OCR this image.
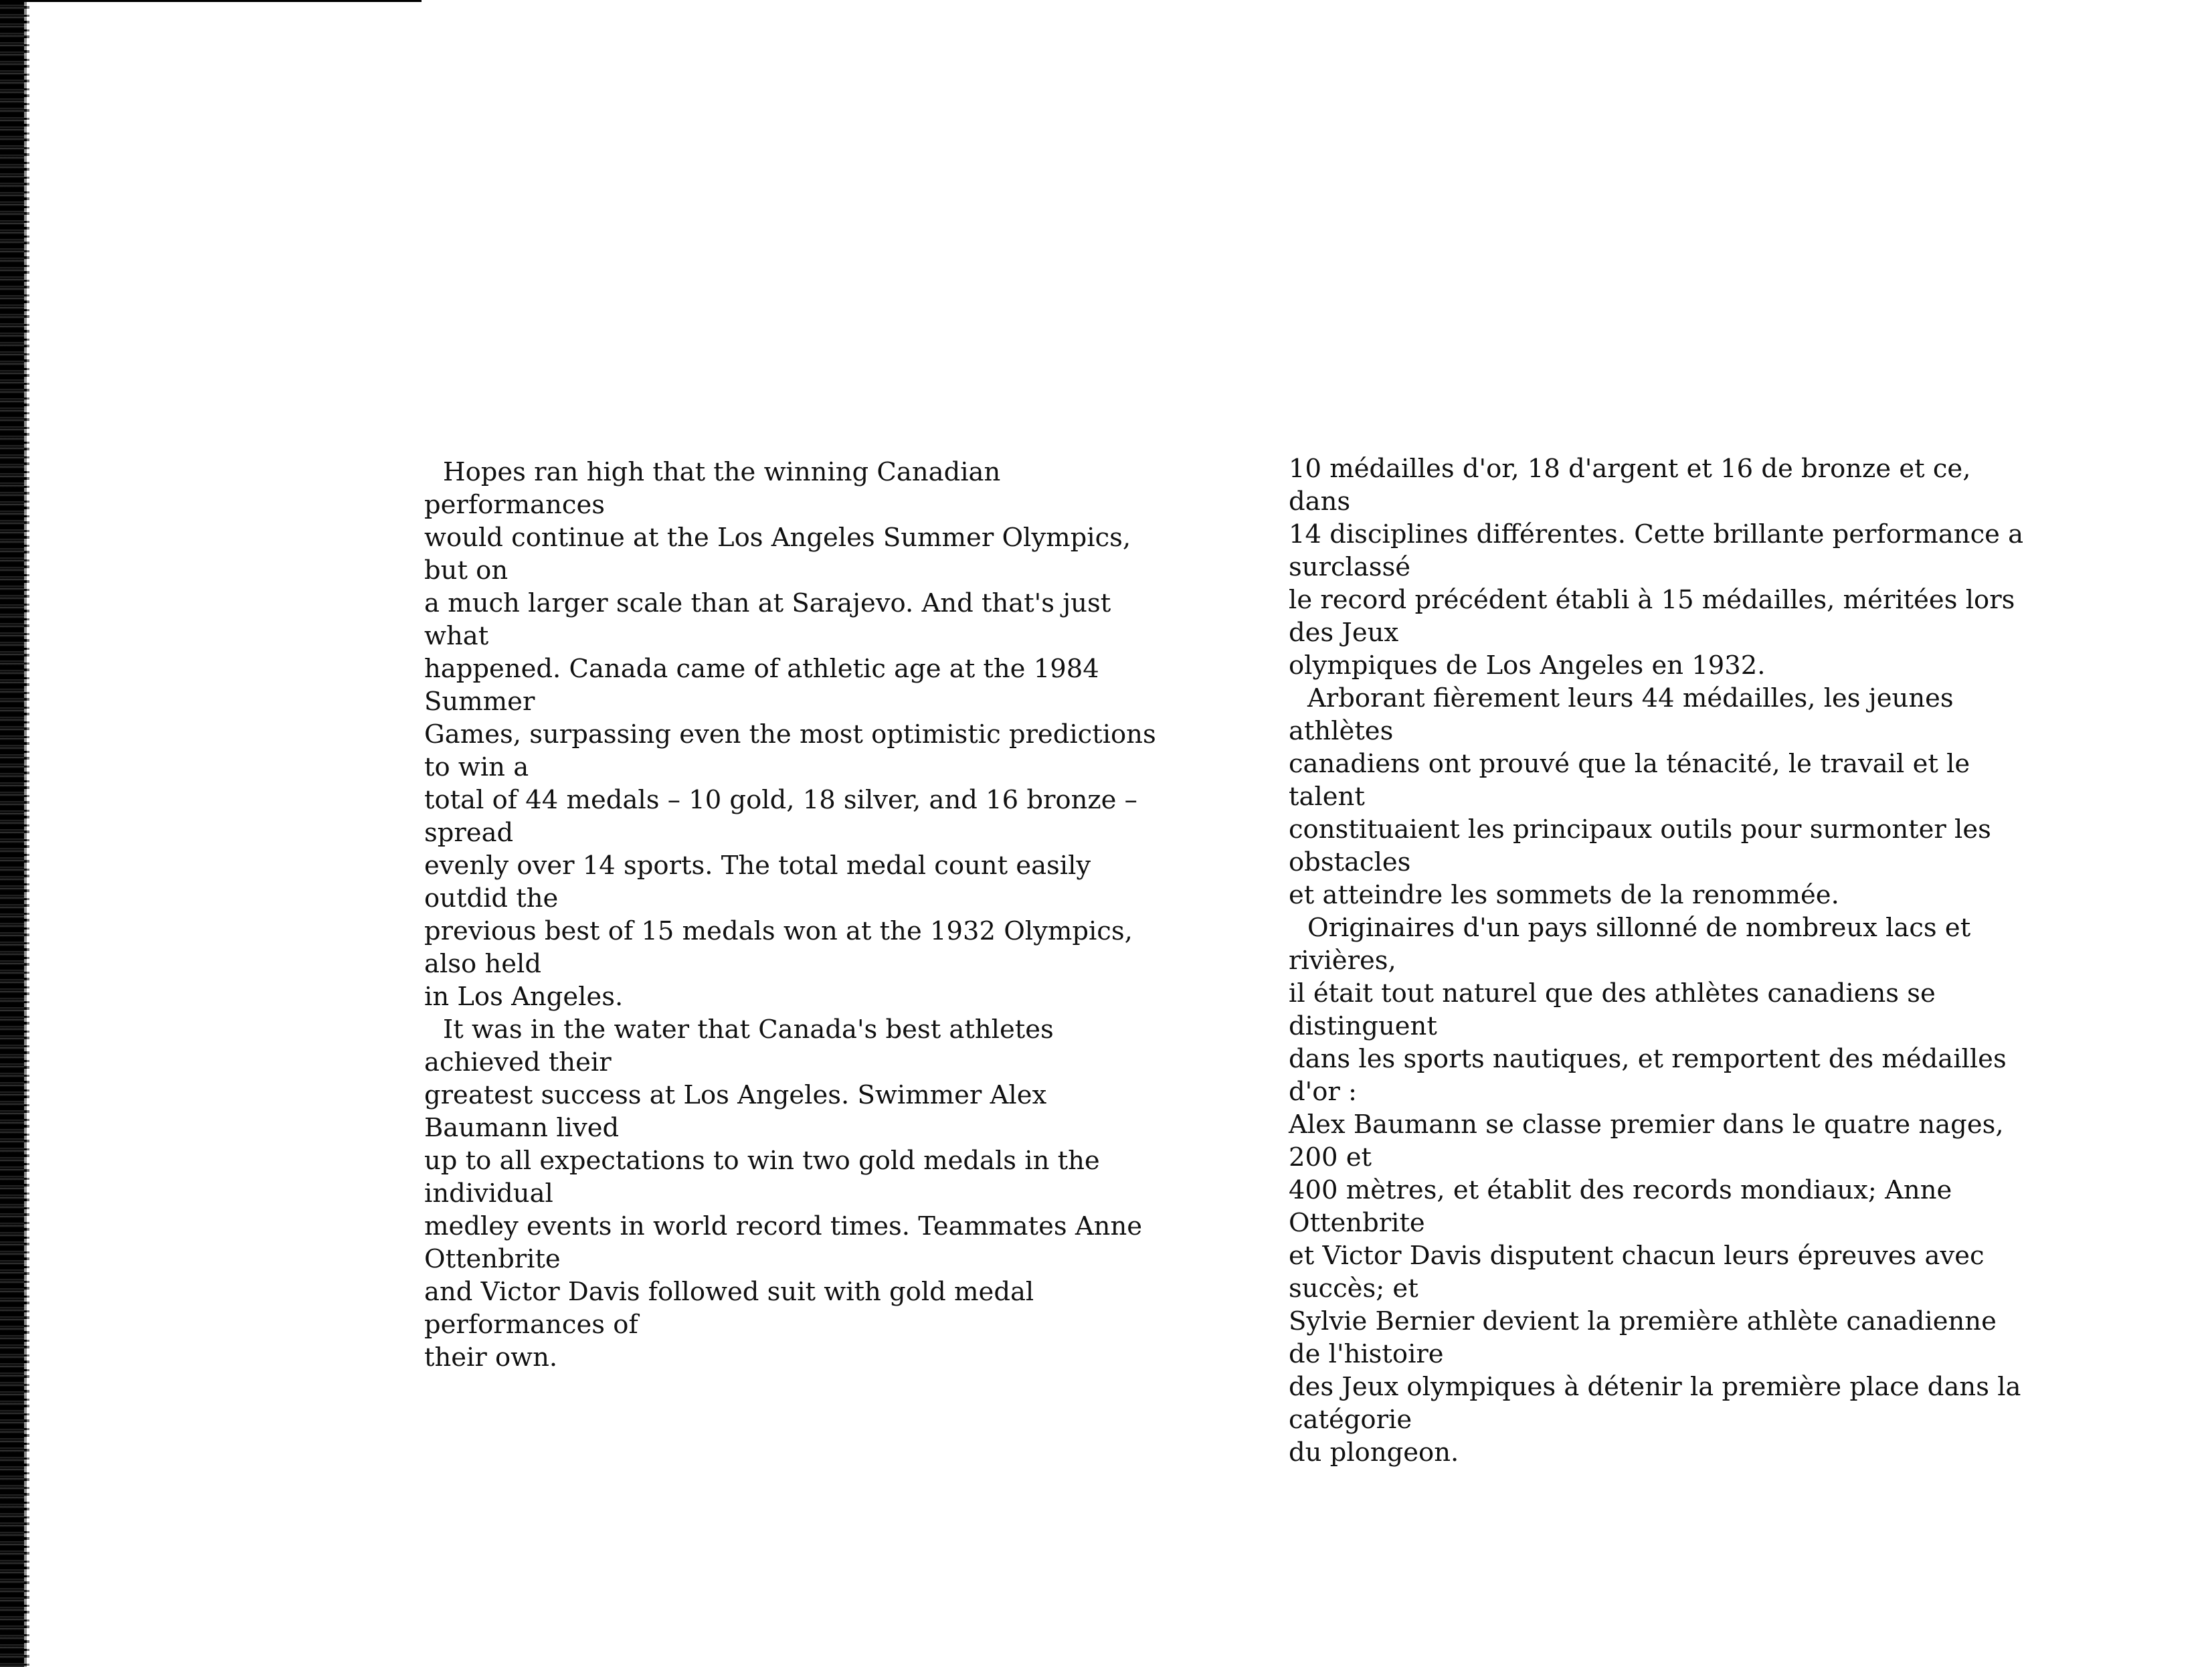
Hopes ran high that the winning Canadian performances
would continue at the Los Angeles Summer Olympics, but on
a much larger scale than at Sarajevo. And that's just what
happened. Canada came of athletic age at the 1984 Summer
Games, surpassing even the most optimistic predictions to win a
total of 44 medals – 10 gold, 18 silver, and 16 bronze – spread
evenly over 14 sports. The total medal count easily outdid the
previous best of 15 medals won at the 1932 Olympics, also held
in Los Angeles.

It was in the water that Canada's best athletes achieved their
greatest success at Los Angeles. Swimmer Alex Baumann lived
up to all expectations to win two gold medals in the individual
medley events in world record times. Teammates Anne Ottenbrite
and Victor Davis followed suit with gold medal performances of
their own.

10 médailles d'or, 18 d'argent et 16 de bronze et ce, dans
14 disciplines différentes. Cette brillante performance a surclassé
le record précédent établi à 15 médailles, méritées lors des Jeux
olympiques de Los Angeles en 1932.

Arborant fièrement leurs 44 médailles, les jeunes athlètes
canadiens ont prouvé que la ténacité, le travail et le talent
constituaient les principaux outils pour surmonter les obstacles
et atteindre les sommets de la renommée.

Originaires d'un pays sillonné de nombreux lacs et rivières,
il était tout naturel que des athlètes canadiens se distinguent
dans les sports nautiques, et remportent des médailles d'or :
Alex Baumann se classe premier dans le quatre nages, 200 et
400 mètres, et établit des records mondiaux; Anne Ottenbrite
et Victor Davis disputent chacun leurs épreuves avec succès; et
Sylvie Bernier devient la première athlète canadienne de l'histoire
des Jeux olympiques à détenir la première place dans la catégorie
du plongeon.
